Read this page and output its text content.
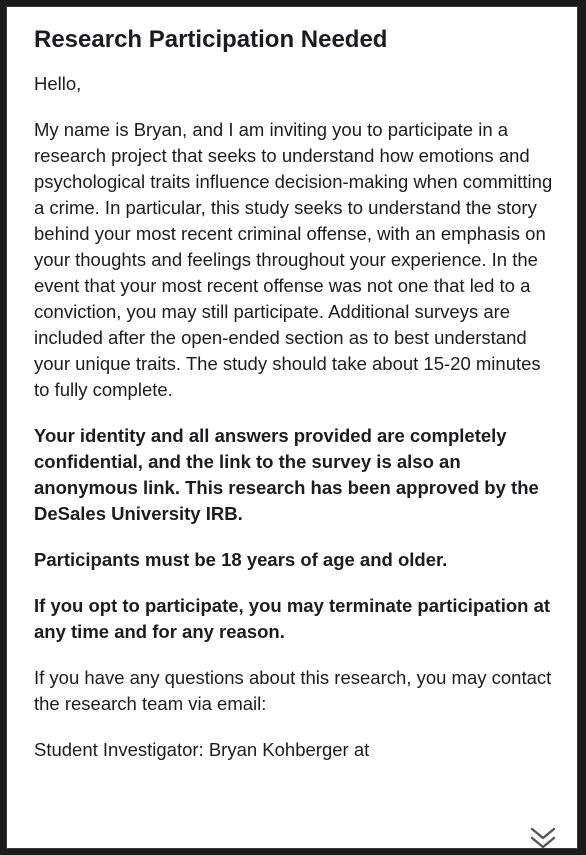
Research Participation Needed
Hello,
My name is Bryan, and I am inviting you to participate in a research project that seeks to understand how emotions and psychological traits influence decision-making when committing a crime. In particular, this study seeks to understand the story behind your most recent criminal offense, with an emphasis on your thoughts and feelings throughout your experience. In the event that your most recent offense was not one that led to a conviction, you may still participate. Additional surveys are included after the open-ended section as to best understand your unique traits. The study should take about 15-20 minutes to fully complete.
Your identity and all answers provided are completely confidential, and the link to the survey is also an anonymous link. This research has been approved by the DeSales University IRB.
Participants must be 18 years of age and older.
If you opt to participate, you may terminate participation at any time and for any reason.
If you have any questions about this research, you may contact the research team via email:
Student Investigator: Bryan Kohberger at
